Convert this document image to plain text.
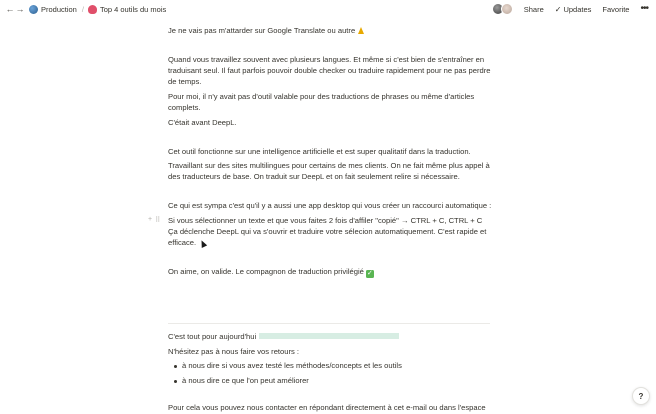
← → Production / Top 4 outils du mois	Share ✓ Updates Favorite •••
Je ne vais pas m'attarder sur Google Translate ou autre
Quand vous travaillez souvent avec plusieurs langues. Et même si c'est bien de s'entraîner en
traduisant seul. Il faut parfois pouvoir double checker ou traduire rapidement pour ne pas perdre
de temps.
Pour moi, il n'y avait pas d'outil valable pour des traductions de phrases ou même d'articles
complets.
C'était avant DeepL.
Cet outil fonctionne sur une intelligence artificielle et est super qualitatif dans la traduction.
Travaillant sur des sites multilingues pour certains de mes clients. On ne fait même plus appel à
des traducteurs de base. On traduit sur DeepL et on fait seulement relire si nécessaire.
Ce qui est sympa c'est qu'il y a aussi une app desktop qui vous créer un raccourci automatique :
Si vous sélectionner un texte et que vous faites 2 fois d'affiler "copié" → CTRL + C, CTRL + C
Ça déclenche DeepL qui va s'ouvrir et traduire votre sélecion automatiquement. C'est rapide et
efficace.
On aime, on valide. Le compagnon de traduction privilégié ✓
C'est tout pour aujourd'hui
N'hésitez pas à nous faire vos retours :
à nous dire si vous avez testé les méthodes/concepts et les outils
à nous dire ce que l'on peut améliorer
Pour cela vous pouvez nous contacter en répondant directement à cet e-mail ou dans l'espace
+ ⠿
?
